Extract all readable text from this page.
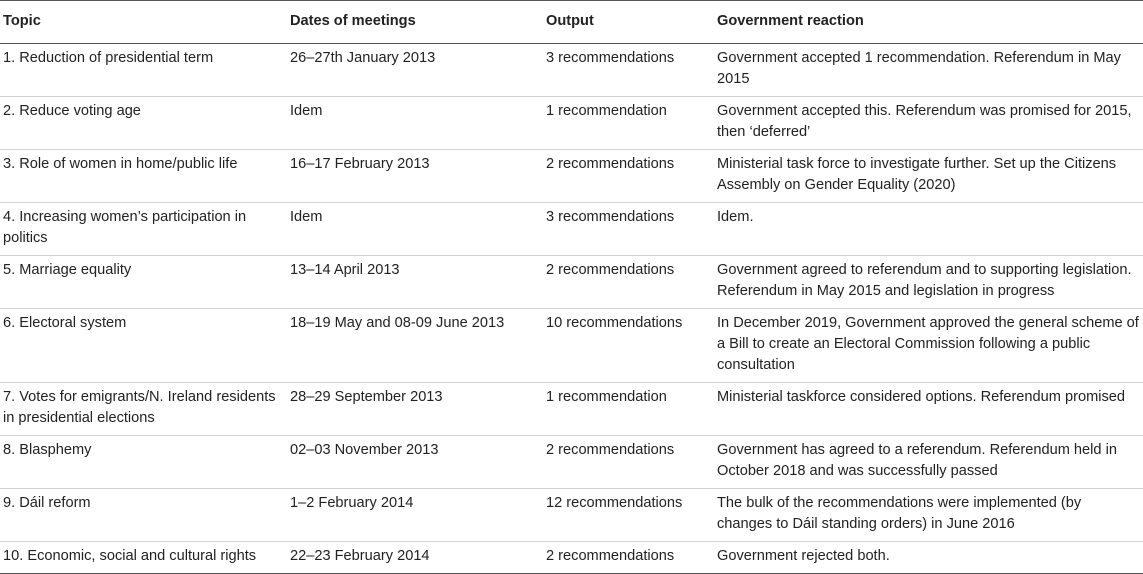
Topic	Dates of meetings	Output	Government reaction
1. Reduction of presidential term	26–27th January 2013	3 recommendations	Government accepted 1 recommendation. Referendum in May 2015
2. Reduce voting age	Idem	1 recommendation	Government accepted this. Referendum was promised for 2015, then ‘deferred’
3. Role of women in home/public life	16–17 February 2013	2 recommendations	Ministerial task force to investigate further. Set up the Citizens Assembly on Gender Equality (2020)
4. Increasing women’s participation in politics	Idem	3 recommendations	Idem.
5. Marriage equality	13–14 April 2013	2 recommendations	Government agreed to referendum and to supporting legislation. Referendum in May 2015 and legislation in progress
6. Electoral system	18–19 May and 08-09 June 2013	10 recommendations	In December 2019, Government approved the general scheme of a Bill to create an Electoral Commission following a public consultation
7. Votes for emigrants/N. Ireland residents in presidential elections	28–29 September 2013	1 recommendation	Ministerial taskforce considered options. Referendum promised
8. Blasphemy	02–03 November 2013	2 recommendations	Government has agreed to a referendum. Referendum held in October 2018 and was successfully passed
9. Dáil reform	1–2 February 2014	12 recommendations	The bulk of the recommendations were implemented (by changes to Dáil standing orders) in June 2016
10. Economic, social and cultural rights	22–23 February 2014	2 recommendations	Government rejected both.
